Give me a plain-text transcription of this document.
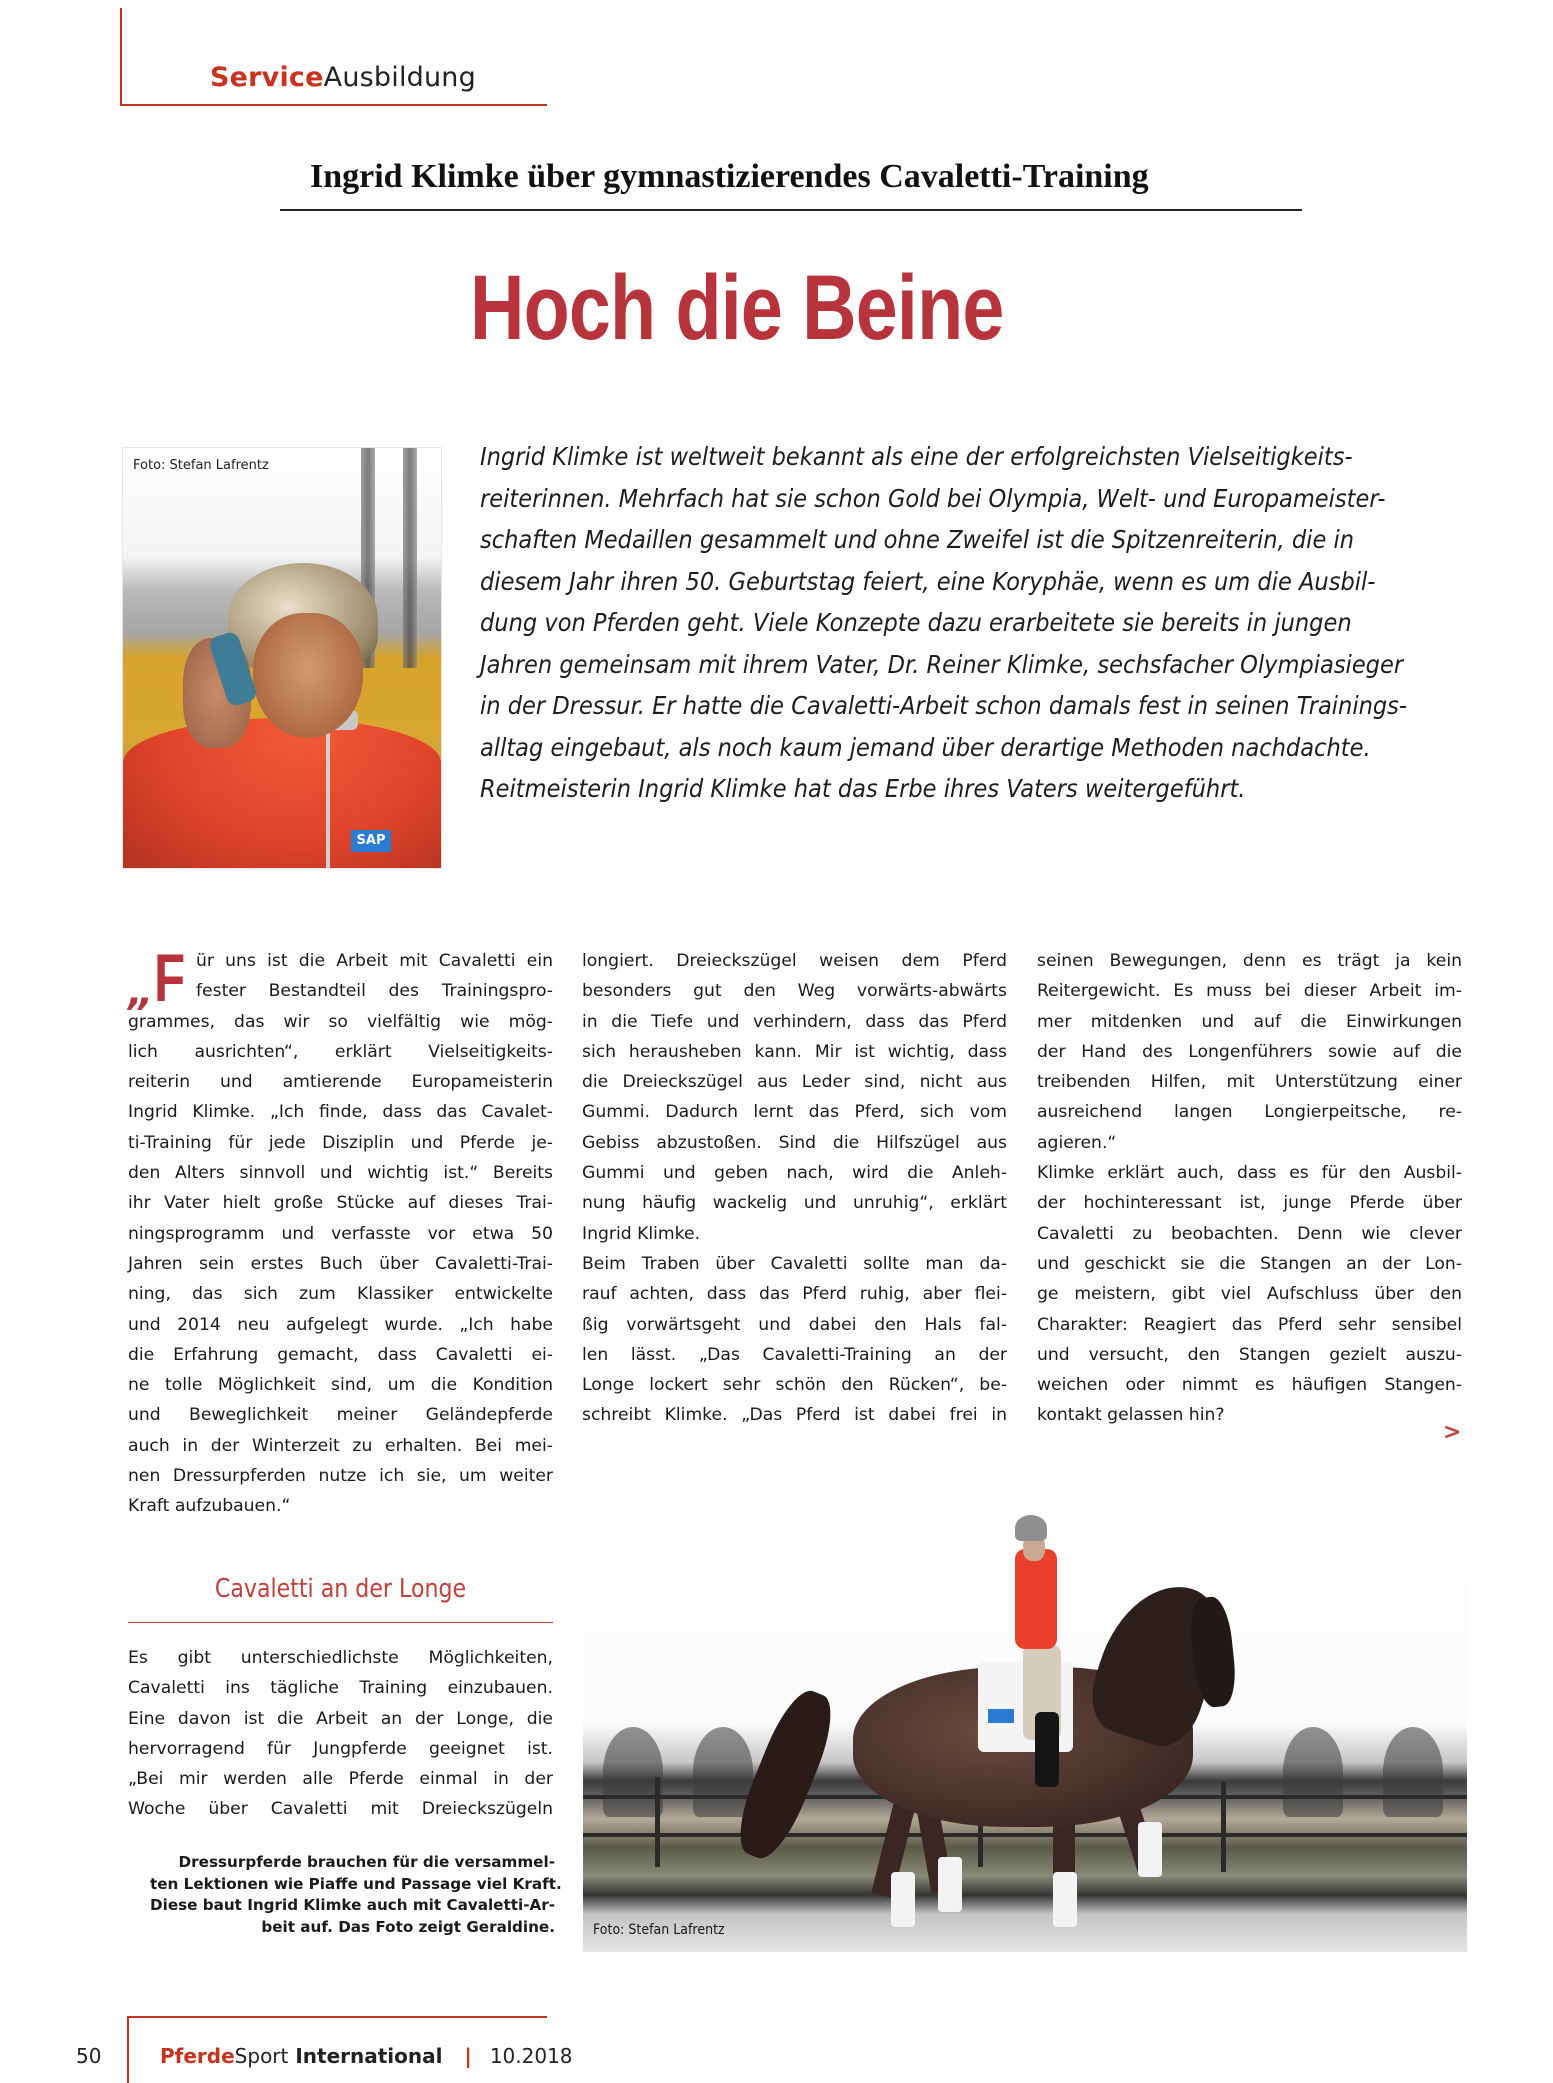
ServiceAusbildung
Ingrid Klimke über gymnastizierendes Cavaletti-Training
Hoch die Beine
SAP
Foto: Stefan Lafrentz	Ingrid Klimke ist weltweit bekannt als eine der erfolgreichsten Vielseitigkeits-
reiterinnen. Mehrfach hat sie schon Gold bei Olympia, Welt- und Europameister-
schaften Medaillen gesammelt und ohne Zweifel ist die Spitzenreiterin, die in
diesem Jahr ihren 50. Geburtstag feiert, eine Koryphäe, wenn es um die Ausbil-
dung von Pferden geht. Viele Konzepte dazu erarbeitete sie bereits in jungen
Jahren gemeinsam mit ihrem Vater, Dr. Reiner Klimke, sechsfacher Olympiasieger
in der Dressur. Er hatte die Cavaletti-Arbeit schon damals fest in seinen Trainings-
alltag eingebaut, als noch kaum jemand über derartige Methoden nachdachte.
Reitmeisterin Ingrid Klimke hat das Erbe ihres Vaters weitergeführt.
„ F ür uns ist die Arbeit mit Cavaletti ein
fester Bestandteil des Trainingspro-
grammes, das wir so vielfältig wie mög-
lich ausrichten“, erklärt Vielseitigkeits-
reiterin und amtierende Europameisterin
Ingrid Klimke. „Ich finde, dass das Cavalet-
ti-Training für jede Disziplin und Pferde je-
den Alters sinnvoll und wichtig ist.“ Bereits
ihr Vater hielt große Stücke auf dieses Trai-
ningsprogramm und verfasste vor etwa 50
Jahren sein erstes Buch über Cavaletti-Trai-
ning, das sich zum Klassiker entwickelte
und 2014 neu aufgelegt wurde. „Ich habe
die Erfahrung gemacht, dass Cavaletti ei-
ne tolle Möglichkeit sind, um die Kondition
und Beweglichkeit meiner Geländepferde
auch in der Winterzeit zu erhalten. Bei mei-
nen Dressurpferden nutze ich sie, um weiter
Kraft aufzubauen.“
Cavaletti an der Longe
Es gibt unterschiedlichste Möglichkeiten,
Cavaletti ins tägliche Training einzubauen.
Eine davon ist die Arbeit an der Longe, die
hervorragend für Jungpferde geeignet ist.
„Bei mir werden alle Pferde einmal in der
Woche über Cavaletti mit Dreieckszügeln
Dressurpferde brauchen für die versammel-
ten Lektionen wie Piaffe und Passage viel Kraft.
Diese baut Ingrid Klimke auch mit Cavaletti-Ar-
beit auf. Das Foto zeigt Geraldine.
longiert. Dreieckszügel weisen dem Pferd
besonders gut den Weg vorwärts-abwärts
in die Tiefe und verhindern, dass das Pferd
sich herausheben kann. Mir ist wichtig, dass
die Dreieckszügel aus Leder sind, nicht aus
Gummi. Dadurch lernt das Pferd, sich vom
Gebiss abzustoßen. Sind die Hilfszügel aus
Gummi und geben nach, wird die Anleh-
nung häufig wackelig und unruhig“, erklärt
Ingrid Klimke.
Beim Traben über Cavaletti sollte man da-
rauf achten, dass das Pferd ruhig, aber flei-
ßig vorwärtsgeht und dabei den Hals fal-
len lässt. „Das Cavaletti-Training an der
Longe lockert sehr schön den Rücken“, be-
schreibt Klimke. „Das Pferd ist dabei frei in
seinen Bewegungen, denn es trägt ja kein
Reitergewicht. Es muss bei dieser Arbeit im-
mer mitdenken und auf die Einwirkungen
der Hand des Longenführers sowie auf die
treibenden Hilfen, mit Unterstützung einer
ausreichend langen Longierpeitsche, re-
agieren.“
Klimke erklärt auch, dass es für den Ausbil-
der hochinteressant ist, junge Pferde über
Cavaletti zu beobachten. Denn wie clever
und geschickt sie die Stangen an der Lon-
ge meistern, gibt viel Aufschluss über den
Charakter: Reagiert das Pferd sehr sensibel
und versucht, den Stangen gezielt auszu-
weichen oder nimmt es häufigen Stangen-
kontakt gelassen hin?
>
Foto: Stefan Lafrentz
50	PferdeSport International | 10.2018
